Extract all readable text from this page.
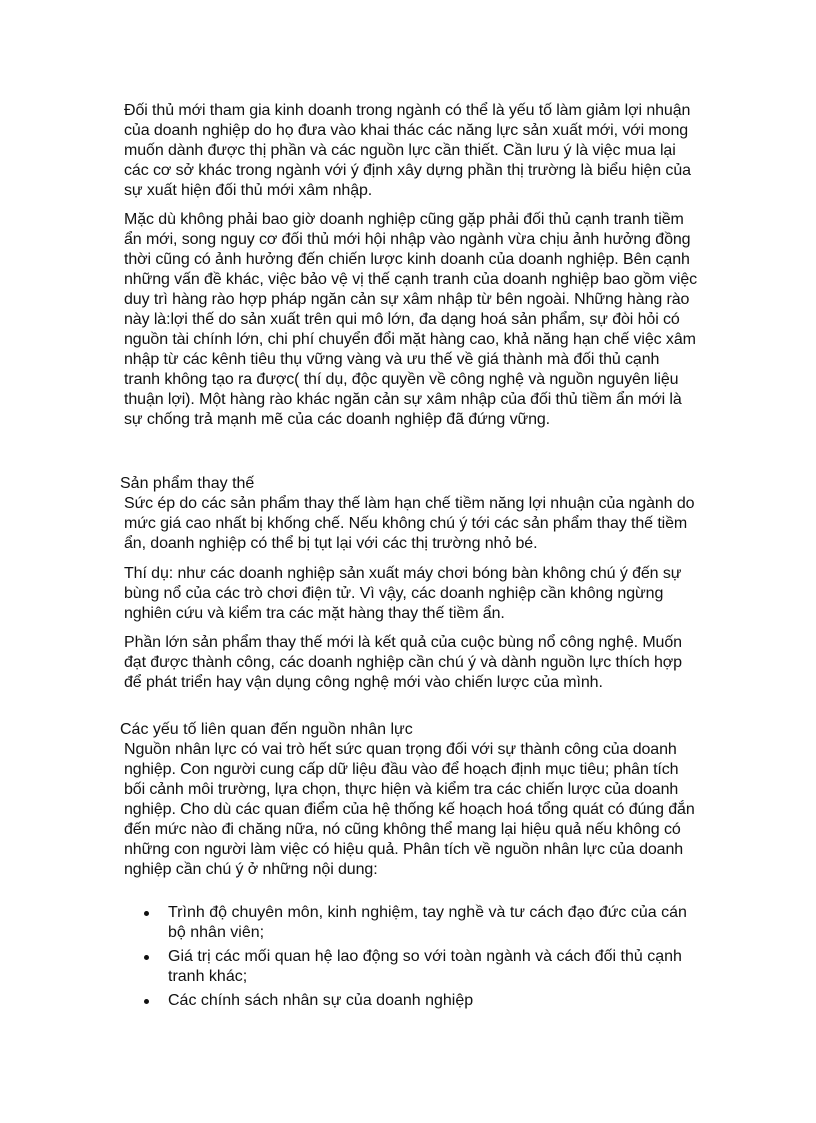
Đối thủ mới tham gia kinh doanh trong ngành có thể là yếu tố làm giảm lợi nhuận của doanh nghiệp do họ đưa vào khai thác các năng lực sản xuất mới, với mong muốn dành được thị phần và các nguồn lực cần thiết. Cần lưu ý là việc mua lại các cơ sở khác trong ngành với ý định xây dựng phần thị trường là biểu hiện của sự xuất hiện đối thủ mới xâm nhập.

Mặc dù không phải bao giờ doanh nghiệp cũng gặp phải đối thủ cạnh tranh tiềm ẩn mới, song nguy cơ đối thủ mới hội nhập vào ngành vừa chịu ảnh hưởng đồng thời cũng có ảnh hưởng đến chiến lược kinh doanh của doanh nghiệp. Bên cạnh những vấn đề khác, việc bảo vệ vị thế cạnh tranh của doanh nghiệp bao gồm việc duy trì hàng rào hợp pháp ngăn cản sự xâm nhập từ bên ngoài. Những hàng rào này là:lợi thế do sản xuất trên qui mô lớn, đa dạng hoá sản phẩm, sự đòi hỏi có nguồn tài chính lớn, chi phí chuyển đổi mặt hàng cao, khả năng hạn chế việc xâm nhập từ các kênh tiêu thụ vững vàng và ưu thế về giá thành mà đối thủ cạnh tranh không tạo ra được( thí dụ, độc quyền về công nghệ và nguồn nguyên liệu thuận lợi). Một hàng rào khác ngăn cản sự xâm nhập của đối thủ tiềm ẩn mới là sự chống trả mạnh mẽ của các doanh nghiệp đã đứng vững.

Sản phẩm thay thế

Sức ép do các sản phẩm thay thế làm hạn chế tiềm năng lợi nhuận của ngành do mức giá cao nhất bị khống chế. Nếu không chú ý tới các sản phẩm thay thế tiềm ẩn, doanh nghiệp có thể bị tụt lại với các thị trường nhỏ bé.

Thí dụ: như các doanh nghiệp sản xuất máy chơi bóng bàn không chú ý đến sự bùng nổ của các trò chơi điện tử. Vì vậy, các doanh nghiệp cần không ngừng nghiên cứu và kiểm tra các mặt hàng thay thế tiềm ẩn.

Phần lớn sản phẩm thay thế mới là kết quả của cuộc bùng nổ công nghệ. Muốn đạt được thành công, các doanh nghiệp cần chú ý và dành nguồn lực thích hợp để phát triển hay vận dụng công nghệ mới vào chiến lược của mình.

Các yếu tố liên quan đến nguồn nhân lực

Nguồn nhân lực có vai trò hết sức quan trọng đối với sự thành công của doanh nghiệp. Con người cung cấp dữ liệu đầu vào để hoạch định mục tiêu; phân tích bối cảnh môi trường, lựa chọn, thực hiện và kiểm tra các chiến lược của doanh nghiệp. Cho dù các quan điểm của hệ thống kế hoạch hoá tổng quát có đúng đắn đến mức nào đi chăng nữa, nó cũng không thể mang lại hiệu quả nếu không có những con người làm việc có hiệu quả. Phân tích về nguồn nhân lực của doanh nghiệp cần chú ý ở những nội dung:

Trình độ chuyên môn, kinh nghiệm, tay nghề và tư cách đạo đức của cán bộ nhân viên;
Giá trị các mối quan hệ lao động so với toàn ngành và cách đối thủ cạnh tranh khác;
Các chính sách nhân sự của doanh nghiệp
